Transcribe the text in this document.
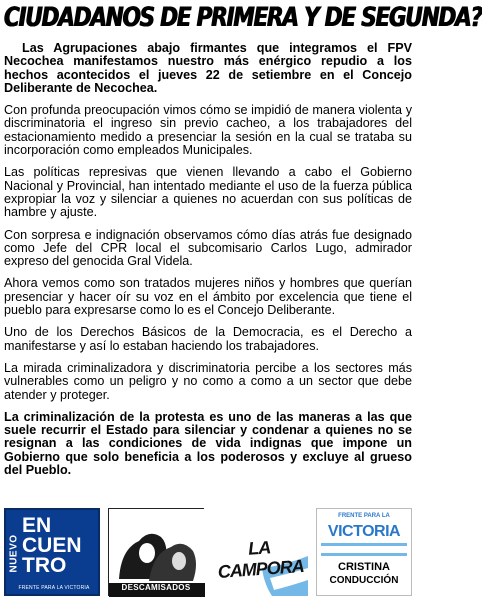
CIUDADANOS DE PRIMERA Y DE SEGUNDA?

Las Agrupaciones abajo firmantes que integramos el FPV Necochea manifestamos nuestro más enérgico repudio a los hechos acontecidos el jueves 22 de setiembre en el Concejo Deliberante de Necochea.

Con profunda preocupación vimos cómo se impidió de manera violenta y discriminatoria el ingreso sin previo cacheo, a los trabajadores del estacionamiento medido a presenciar la sesión en la cual se trataba su incorporación como empleados Municipales.

Las políticas represivas que vienen llevando a cabo el Gobierno Nacional y Provincial, han intentado mediante el uso de la fuerza pública expropiar la voz y silenciar a quienes no acuerdan con sus políticas de hambre y ajuste.

Con sorpresa e indignación observamos cómo días atrás fue designado como Jefe del CPR local el subcomisario Carlos Lugo, admirador expreso del genocida Gral Videla.

Ahora vemos como son tratados mujeres niños y hombres que querían presenciar y hacer oír su voz en el ámbito por excelencia que tiene el pueblo para expresarse como lo es el Concejo Deliberante.

Uno de los Derechos Básicos de la Democracia, es el Derecho a manifestarse y así lo estaban haciendo los trabajadores.

La mirada criminalizadora y discriminatoria percibe a los sectores más vulnerables como un peligro y no como a como a un sector que debe atender y proteger.

La criminalización de la protesta es uno de las maneras a las que suele recurrir el Estado para silenciar y condenar a quienes no se resignan a las condiciones de vida indignas que impone un Gobierno que solo beneficia a los poderosos y excluye al grueso del Pueblo.

NUEVO
EN
CUEN
TRO
FRENTE PARA LA VICTORIA	DESCAMISADOS
LA CAMPORA
FRENTE PARA LA
VICTORIA
CRISTINA
CONDUCCIÓN
